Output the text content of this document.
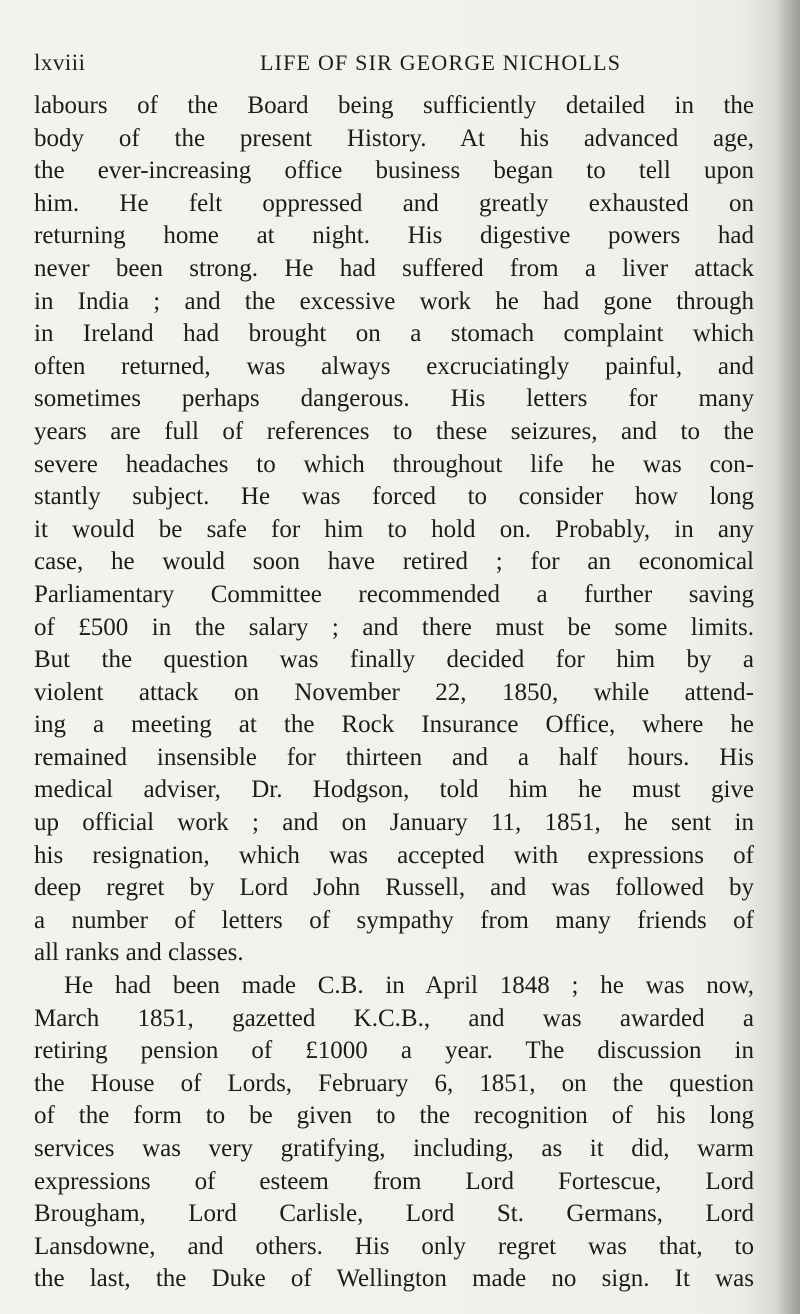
lxviii	LIFE OF SIR GEORGE NICHOLLS
labours of the Board being sufficiently detailed in the
body of the present History. At his advanced age,
the ever-increasing office business began to tell upon
him. He felt oppressed and greatly exhausted on
returning home at night. His digestive powers had
never been strong. He had suffered from a liver attack
in India ; and the excessive work he had gone through
in Ireland had brought on a stomach complaint which
often returned, was always excruciatingly painful, and
sometimes perhaps dangerous. His letters for many
years are full of references to these seizures, and to the
severe headaches to which throughout life he was con-
stantly subject. He was forced to consider how long
it would be safe for him to hold on. Probably, in any
case, he would soon have retired ; for an economical
Parliamentary Committee recommended a further saving
of £500 in the salary ; and there must be some limits.
But the question was finally decided for him by a
violent attack on November 22, 1850, while attend-
ing a meeting at the Rock Insurance Office, where he
remained insensible for thirteen and a half hours. His
medical adviser, Dr. Hodgson, told him he must give
up official work ; and on January 11, 1851, he sent in
his resignation, which was accepted with expressions of
deep regret by Lord John Russell, and was followed by
a number of letters of sympathy from many friends of
all ranks and classes.
He had been made C.B. in April 1848 ; he was now,
March 1851, gazetted K.C.B., and was awarded a
retiring pension of £1000 a year. The discussion in
the House of Lords, February 6, 1851, on the question
of the form to be given to the recognition of his long
services was very gratifying, including, as it did, warm
expressions of esteem from Lord Fortescue, Lord
Brougham, Lord Carlisle, Lord St. Germans, Lord
Lansdowne, and others. His only regret was that, to
the last, the Duke of Wellington made no sign. It was
